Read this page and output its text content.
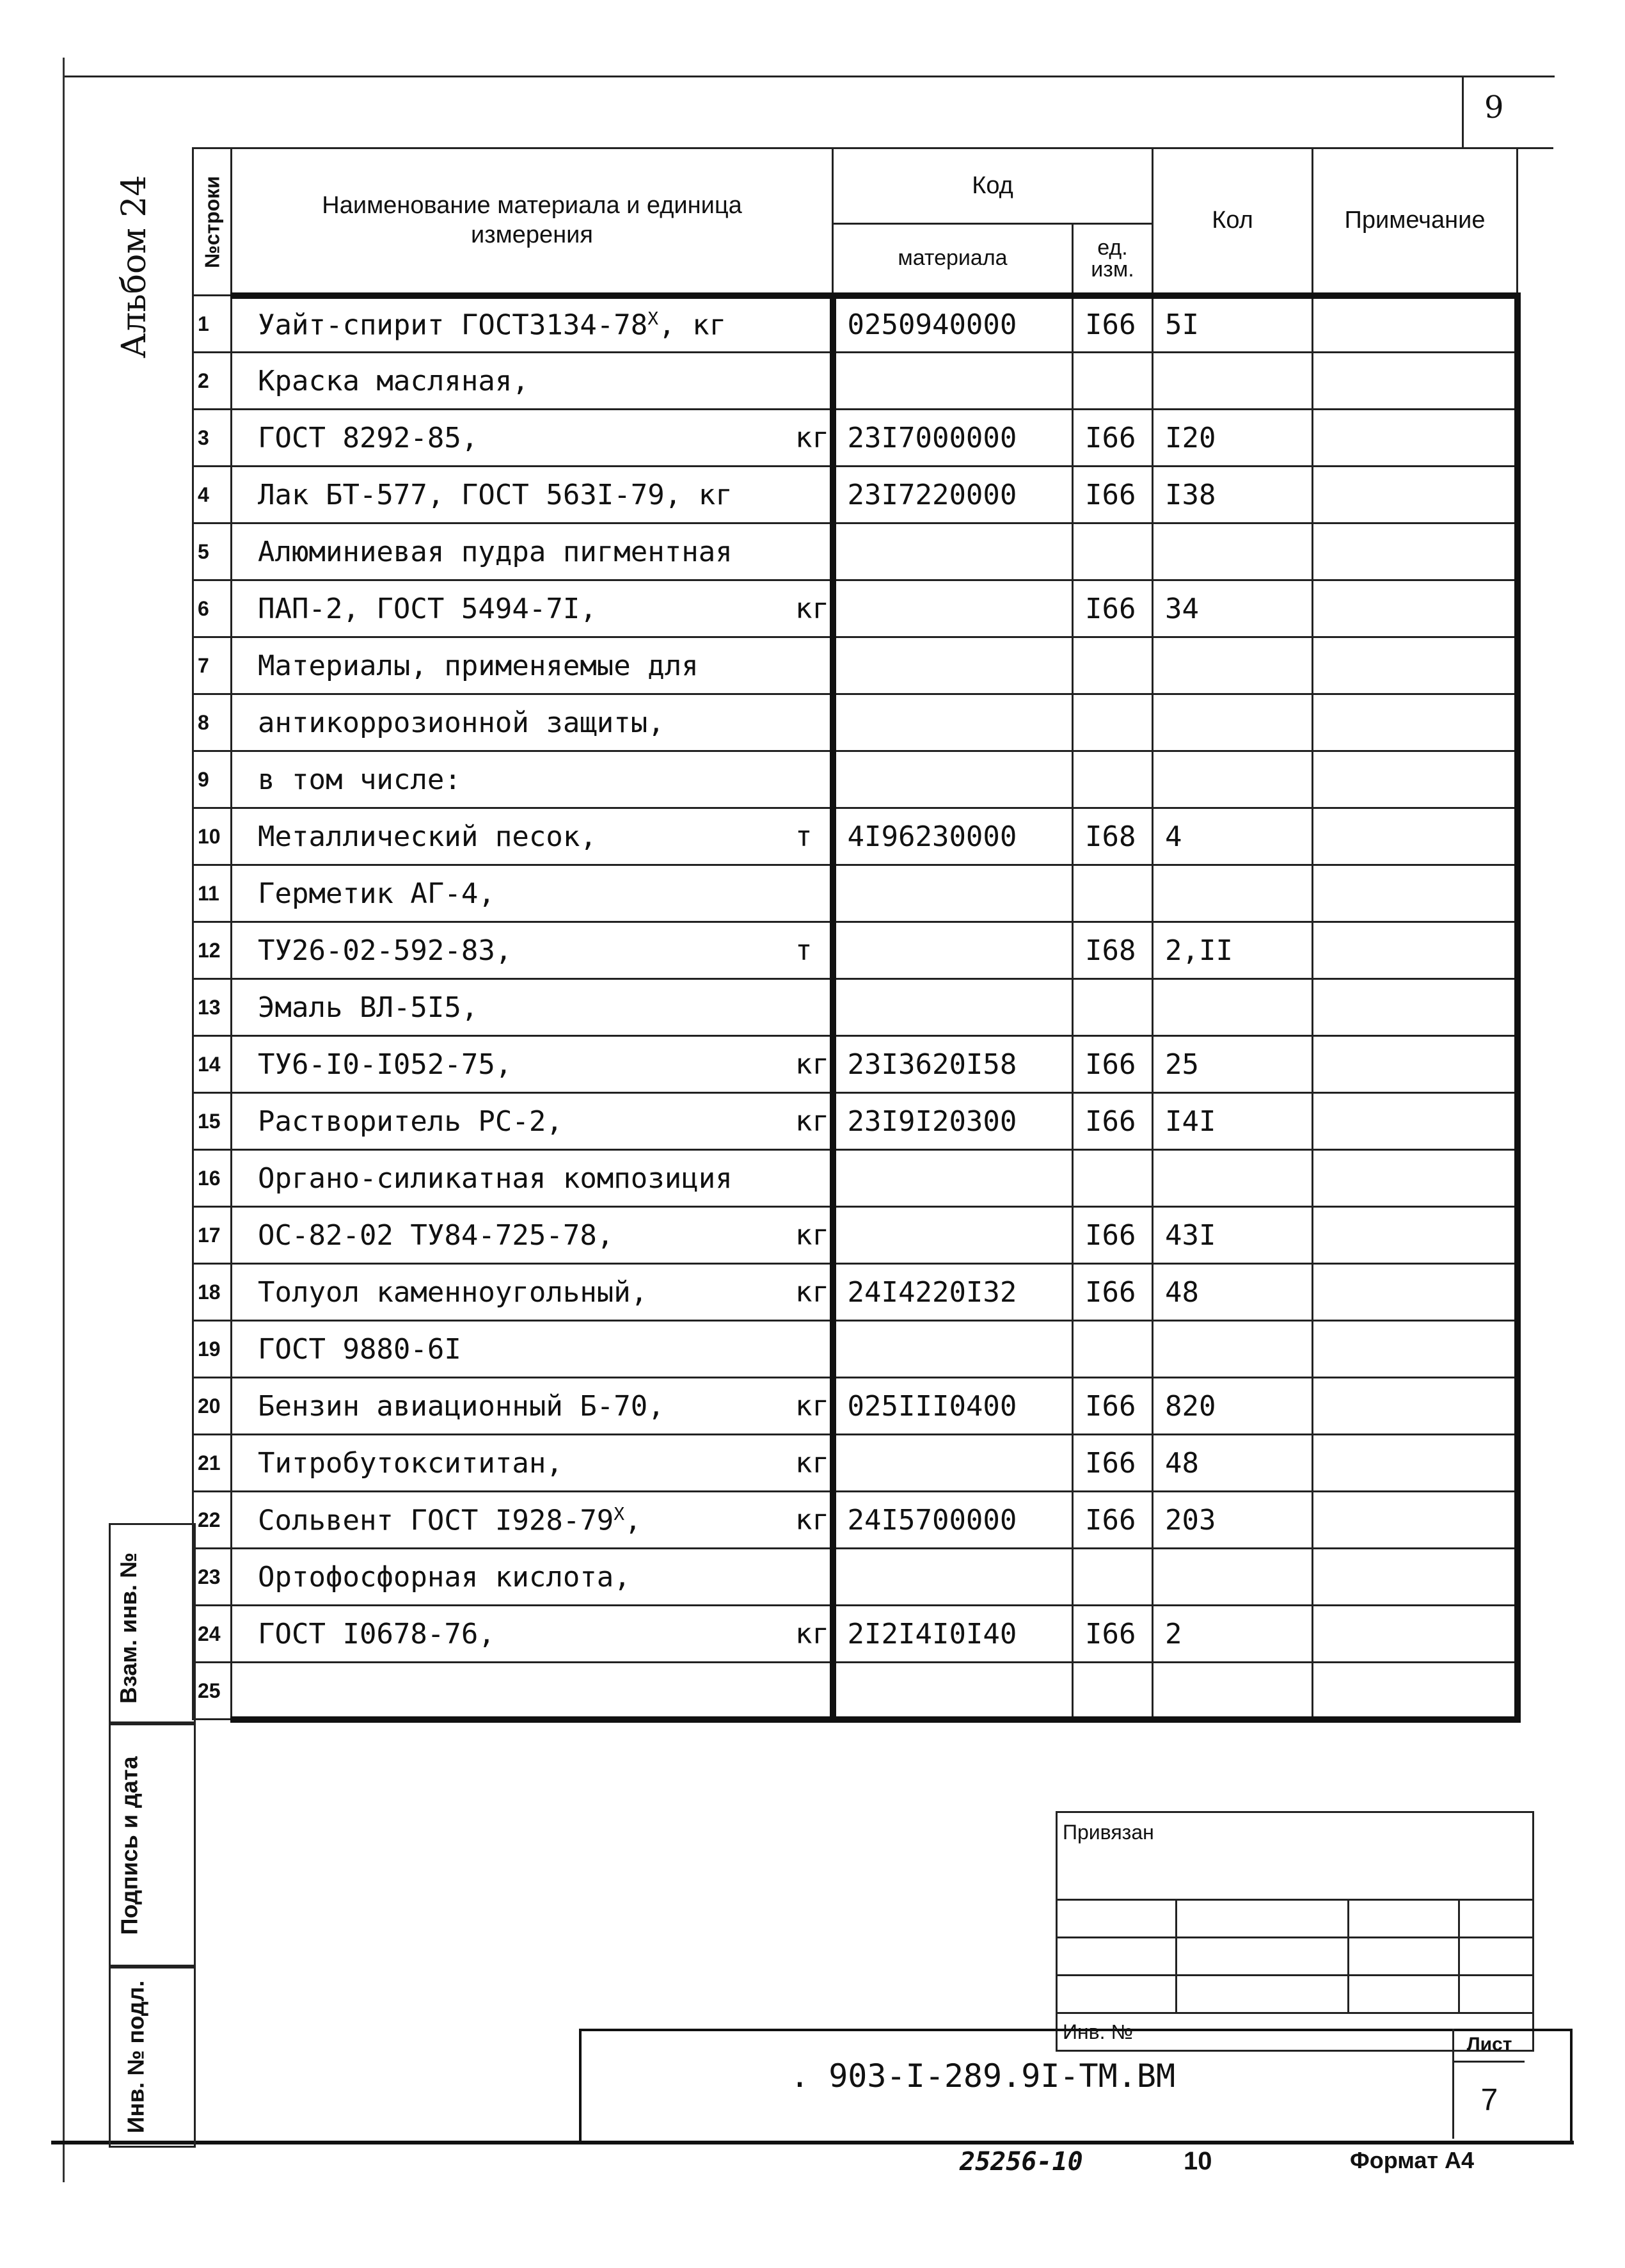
9
Альбом 24 №строки	Наименование материала и единица измерения	Код		Кол	Примечание
		материала	ед. изм.		
1	Уайт-спирит $ГОСТ3134-78^X$, кг	0250940000	I66	5I	
2	Краска масляная,				
3	ГОСТ 8292-85, кг	23I7000000	I66	I20	
4	Лак БТ-577, ГОСТ 563I-79, кг	23I7220000	I66	I38	
5	Алюминиевая пудра пигментная				
6	ПАП-2, ГОСТ 5494-7I, кг		I66	34	
7	Материалы, применяемые для				
8	антикоррозионной защиты,				
9	в том числе:				
10	Металлический песок, т	4I96230000	I68	4	
11	Герметик АГ-4,				
12	ТУ26-02-592-83, т		I68	2,II	
13	Эмаль ВЛ-5I5,				
14	ТУ6-I0-I052-75, кг	23I3620I58	I66	25	
15	Растворитель РС-2, кг	23I9I20300	I66	I4I	
16	Органо-силикатная композиция				
17	ОС-82-02 ТУ84-725-78, кг		I66	43I	
18	Толуол каменноугольный, кг	24I4220I32	I66	48	
19	ГОСТ 9880-6I				
20	Бензин авиационный Б-70, кг	025III0400	I66	820	
21	Титробутоксититан, кг		I66	48	
22	Сольвент ГОСТ $I928-79^X$, кг	24I5700000	I66	203	
23	Ортофосфорная кислота,				
24	ГОСТ I0678-76, кг	2I2I4I0I40	I66	2	
25					
Взам. инв. №
Подпись и дата
Инв. № подл.
Привязан			

Инв. №			
. 903-I-289.9I-ТМ.ВМ
Лист
7
25256-10	10	Формат А4
